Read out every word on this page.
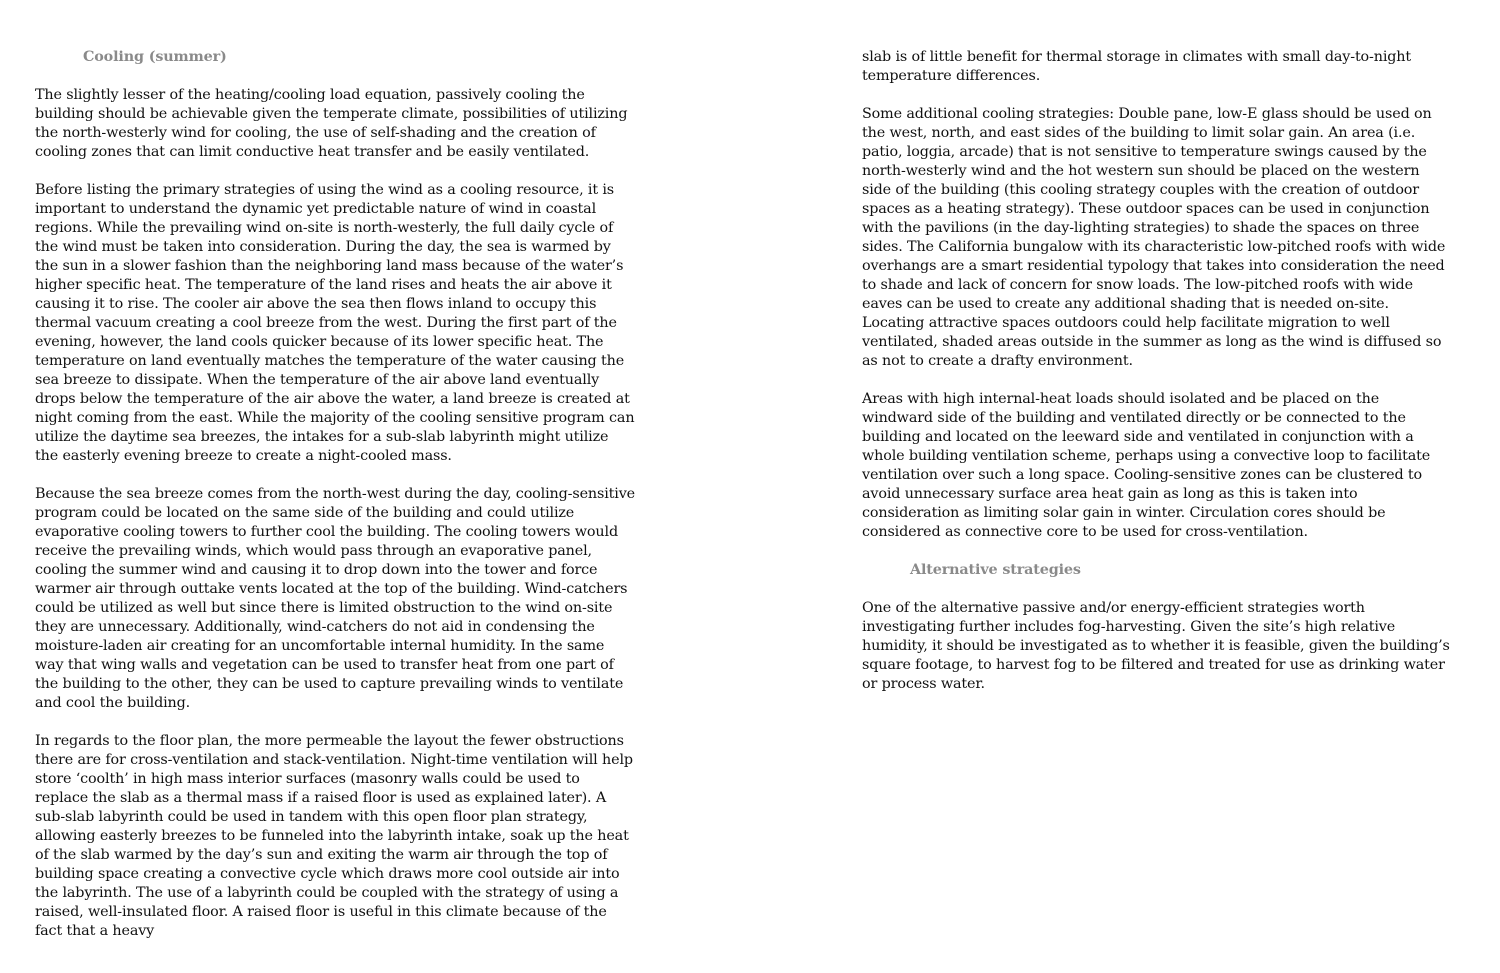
Cooling (summer)

The slightly lesser of the heating/cooling load equation, passively cooling the building should be achievable given the temperate climate, possibilities of utilizing the north-westerly wind for cooling, the use of self-shading and the creation of cooling zones that can limit conductive heat transfer and be easily ventilated.

Before listing the primary strategies of using the wind as a cooling resource, it is important to understand the dynamic yet predictable nature of wind in coastal regions. While the prevailing wind on-site is north-westerly, the full daily cycle of the wind must be taken into consideration. During the day, the sea is warmed by the sun in a slower fashion than the neighboring land mass because of the water’s higher specific heat. The temperature of the land rises and heats the air above it causing it to rise. The cooler air above the sea then flows inland to occupy this thermal vacuum creating a cool breeze from the west. During the first part of the evening, however, the land cools quicker because of its lower specific heat. The temperature on land eventually matches the temperature of the water causing the sea breeze to dissipate. When the temperature of the air above land eventually drops below the temperature of the air above the water, a land breeze is created at night coming from the east. While the majority of the cooling sensitive program can utilize the daytime sea breezes, the intakes for a sub-slab labyrinth might utilize the easterly evening breeze to create a night-cooled mass.

Because the sea breeze comes from the north-west during the day, cooling-sensitive program could be located on the same side of the building and could utilize evaporative cooling towers to further cool the building. The cooling towers would receive the prevailing winds, which would pass through an evaporative panel, cooling the summer wind and causing it to drop down into the tower and force warmer air through outtake vents located at the top of the building. Wind-catchers could be utilized as well but since there is limited obstruction to the wind on-site they are unnecessary. Additionally, wind-catchers do not aid in condensing the moisture-laden air creating for an uncomfortable internal humidity. In the same way that wing walls and vegetation can be used to transfer heat from one part of the building to the other, they can be used to capture prevailing winds to ventilate and cool the building.

In regards to the floor plan, the more permeable the layout the fewer obstructions there are for cross-ventilation and stack-ventilation. Night-time ventilation will help store ‘coolth’ in high mass interior surfaces (masonry walls could be used to replace the slab as a thermal mass if a raised floor is used as explained later). A sub-slab labyrinth could be used in tandem with this open floor plan strategy, allowing easterly breezes to be funneled into the labyrinth intake, soak up the heat of the slab warmed by the day’s sun and exiting the warm air through the top of building space creating a convective cycle which draws more cool outside air into the labyrinth. The use of a labyrinth could be coupled with the strategy of using a raised, well-insulated floor. A raised floor is useful in this climate because of the fact that a heavy

slab is of little benefit for thermal storage in climates with small day-to-night temperature differences.

Some additional cooling strategies: Double pane, low-E glass should be used on the west, north, and east sides of the building to limit solar gain. An area (i.e. patio, loggia, arcade) that is not sensitive to temperature swings caused by the north-westerly wind and the hot western sun should be placed on the western side of the building (this cooling strategy couples with the creation of outdoor spaces as a heating strategy). These outdoor spaces can be used in conjunction with the pavilions (in the day-lighting strategies) to shade the spaces on three sides. The California bungalow with its characteristic low-pitched roofs with wide overhangs are a smart residential typology that takes into consideration the need to shade and lack of concern for snow loads. The low-pitched roofs with wide eaves can be used to create any additional shading that is needed on-site. Locating attractive spaces outdoors could help facilitate migration to well ventilated, shaded areas outside in the summer as long as the wind is diffused so as not to create a drafty environment.

Areas with high internal-heat loads should isolated and be placed on the windward side of the building and ventilated directly or be connected to the building and located on the leeward side and ventilated in conjunction with a whole building ventilation scheme, perhaps using a convective loop to facilitate ventilation over such a long space. Cooling-sensitive zones can be clustered to avoid unnecessary surface area heat gain as long as this is taken into consideration as limiting solar gain in winter. Circulation cores should be considered as connective core to be used for cross-ventilation.

Alternative strategies

One of the alternative passive and/or energy-efficient strategies worth investigating further includes fog-harvesting. Given the site’s high relative humidity, it should be investigated as to whether it is feasible, given the building’s square footage, to harvest fog to be filtered and treated for use as drinking water or process water.
